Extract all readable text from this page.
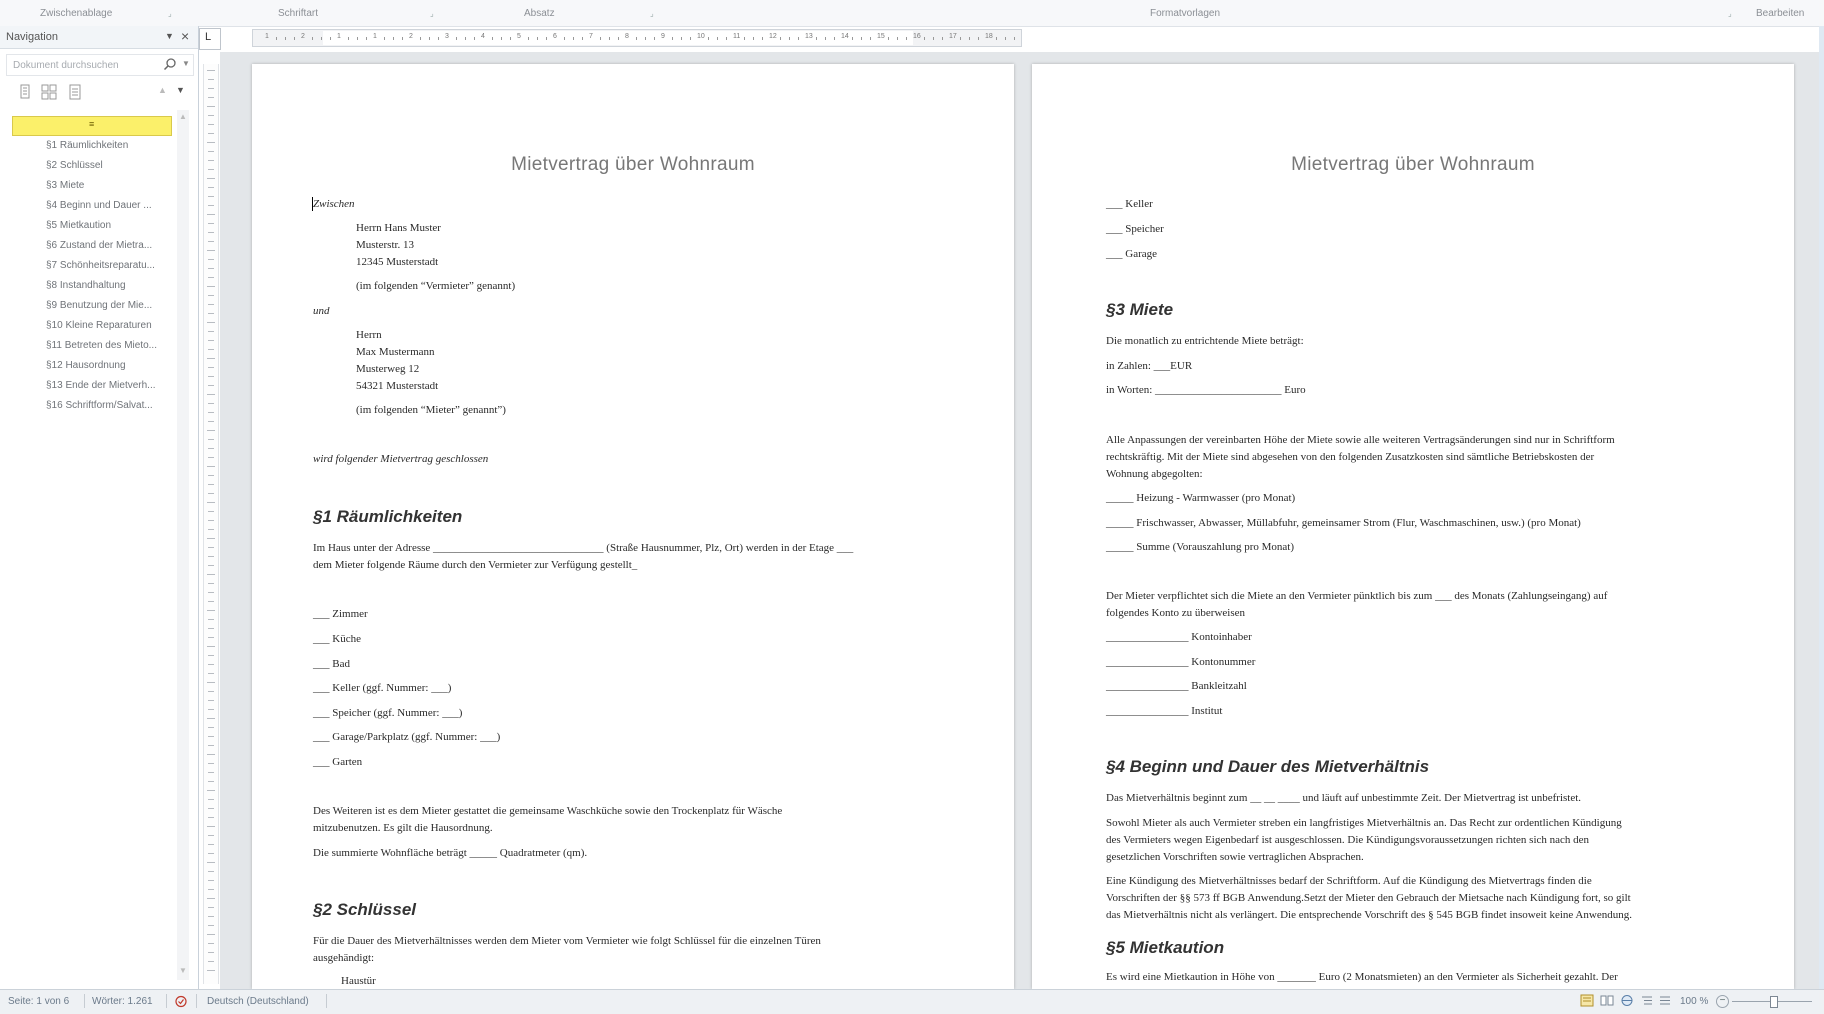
Zwischenablage	⌟	Schriftart	⌟	Absatz	⌟	Formatvorlagen	⌟ Bearbeiten
Navigation	▼ ×
Dokument durchsuchen
▼
▲ ▼
≡
§1 Räumlichkeiten
§2 Schlüssel
§3 Miete
§4 Beginn und Dauer ...
§5 Mietkaution
§6 Zustand der Mietra...
§7 Schönheitsreparatu...
§8 Instandhaltung
§9 Benutzung der Mie...
§10 Kleine Reparaturen
§11 Betreten des Mieto...
§12 Hausordnung
§13 Ende der Mietverh...
§16 Schriftform/Salvat...
▲
▼
L	1	2	1	1	2	3	4	5	6	7	8	9	10	11	12	13	14	15	16	17	18
Mietvertrag über Wohnraum
Zwischen
Herrn Hans Muster
Musterstr. 13
12345 Musterstadt
(im folgenden “Vermieter” genannt)
und
Herrn
Max Mustermann
Musterweg 12
54321 Musterstadt
(im folgenden “Mieter” genannt”)
wird folgender Mietvertrag geschlossen
§1 Räumlichkeiten
Im Haus unter der Adresse _______________________________ (Straße Hausnummer, Plz, Ort) werden in der Etage ___
dem Mieter folgende Räume durch den Vermieter zur Verfügung gestellt_
___ Zimmer
___ Küche
___ Bad
___ Keller (ggf. Nummer: ___)
___ Speicher (ggf. Nummer: ___)
___ Garage/Parkplatz (ggf. Nummer: ___)
___ Garten
Des Weiteren ist es dem Mieter gestattet die gemeinsame Waschküche sowie den Trockenplatz für Wäsche
mitzubenutzen. Es gilt die Hausordnung.
Die summierte Wohnfläche beträgt _____ Quadratmeter (qm).
§2 Schlüssel
Für die Dauer des Mietverhältnisses werden dem Mieter vom Vermieter wie folgt Schlüssel für die einzelnen Türen
ausgehändigt:
Haustür
Mietvertrag über Wohnraum
___ Keller
___ Speicher
___ Garage
§3 Miete
Die monatlich zu entrichtende Miete beträgt:
in Zahlen: ___EUR
in Worten: _______________________ Euro
Alle Anpassungen der vereinbarten Höhe der Miete sowie alle weiteren Vertragsänderungen sind nur in Schriftform
rechtskräftig. Mit der Miete sind abgesehen von den folgenden Zusatzkosten sind sämtliche Betriebskosten der
Wohnung abgegolten:
_____ Heizung - Warmwasser (pro Monat)
_____ Frischwasser, Abwasser, Müllabfuhr, gemeinsamer Strom (Flur, Waschmaschinen, usw.) (pro Monat)
_____ Summe (Vorauszahlung pro Monat)
Der Mieter verpflichtet sich die Miete an den Vermieter pünktlich bis zum ___ des Monats (Zahlungseingang) auf
folgendes Konto zu überweisen
_______________ Kontoinhaber
_______________ Kontonummer
_______________ Bankleitzahl
_______________ Institut
§4 Beginn und Dauer des Mietverhältnis
Das Mietverhältnis beginnt zum __ __ ____ und läuft auf unbestimmte Zeit. Der Mietvertrag ist unbefristet.
Sowohl Mieter als auch Vermieter streben ein langfristiges Mietverhältnis an. Das Recht zur ordentlichen Kündigung
des Vermieters wegen Eigenbedarf ist ausgeschlossen. Die Kündigungsvoraussetzungen richten sich nach den
gesetzlichen Vorschriften sowie vertraglichen Absprachen.
Eine Kündigung des Mietverhältnisses bedarf der Schriftform. Auf die Kündigung des Mietvertrags finden die
Vorschriften der §§ 573 ff BGB Anwendung.Setzt der Mieter den Gebrauch der Mietsache nach Kündigung fort, so gilt
das Mietverhältnis nicht als verlängert. Die entsprechende Vorschrift des § 545 BGB findet insoweit keine Anwendung.
§5 Mietkaution
Es wird eine Mietkaution in Höhe von _______ Euro (2 Monatsmieten) an den Vermieter als Sicherheit gezahlt. Der
Seite: 1 von 6 Wörter: 1.261	Deutsch (Deutschland)	100 %	−
